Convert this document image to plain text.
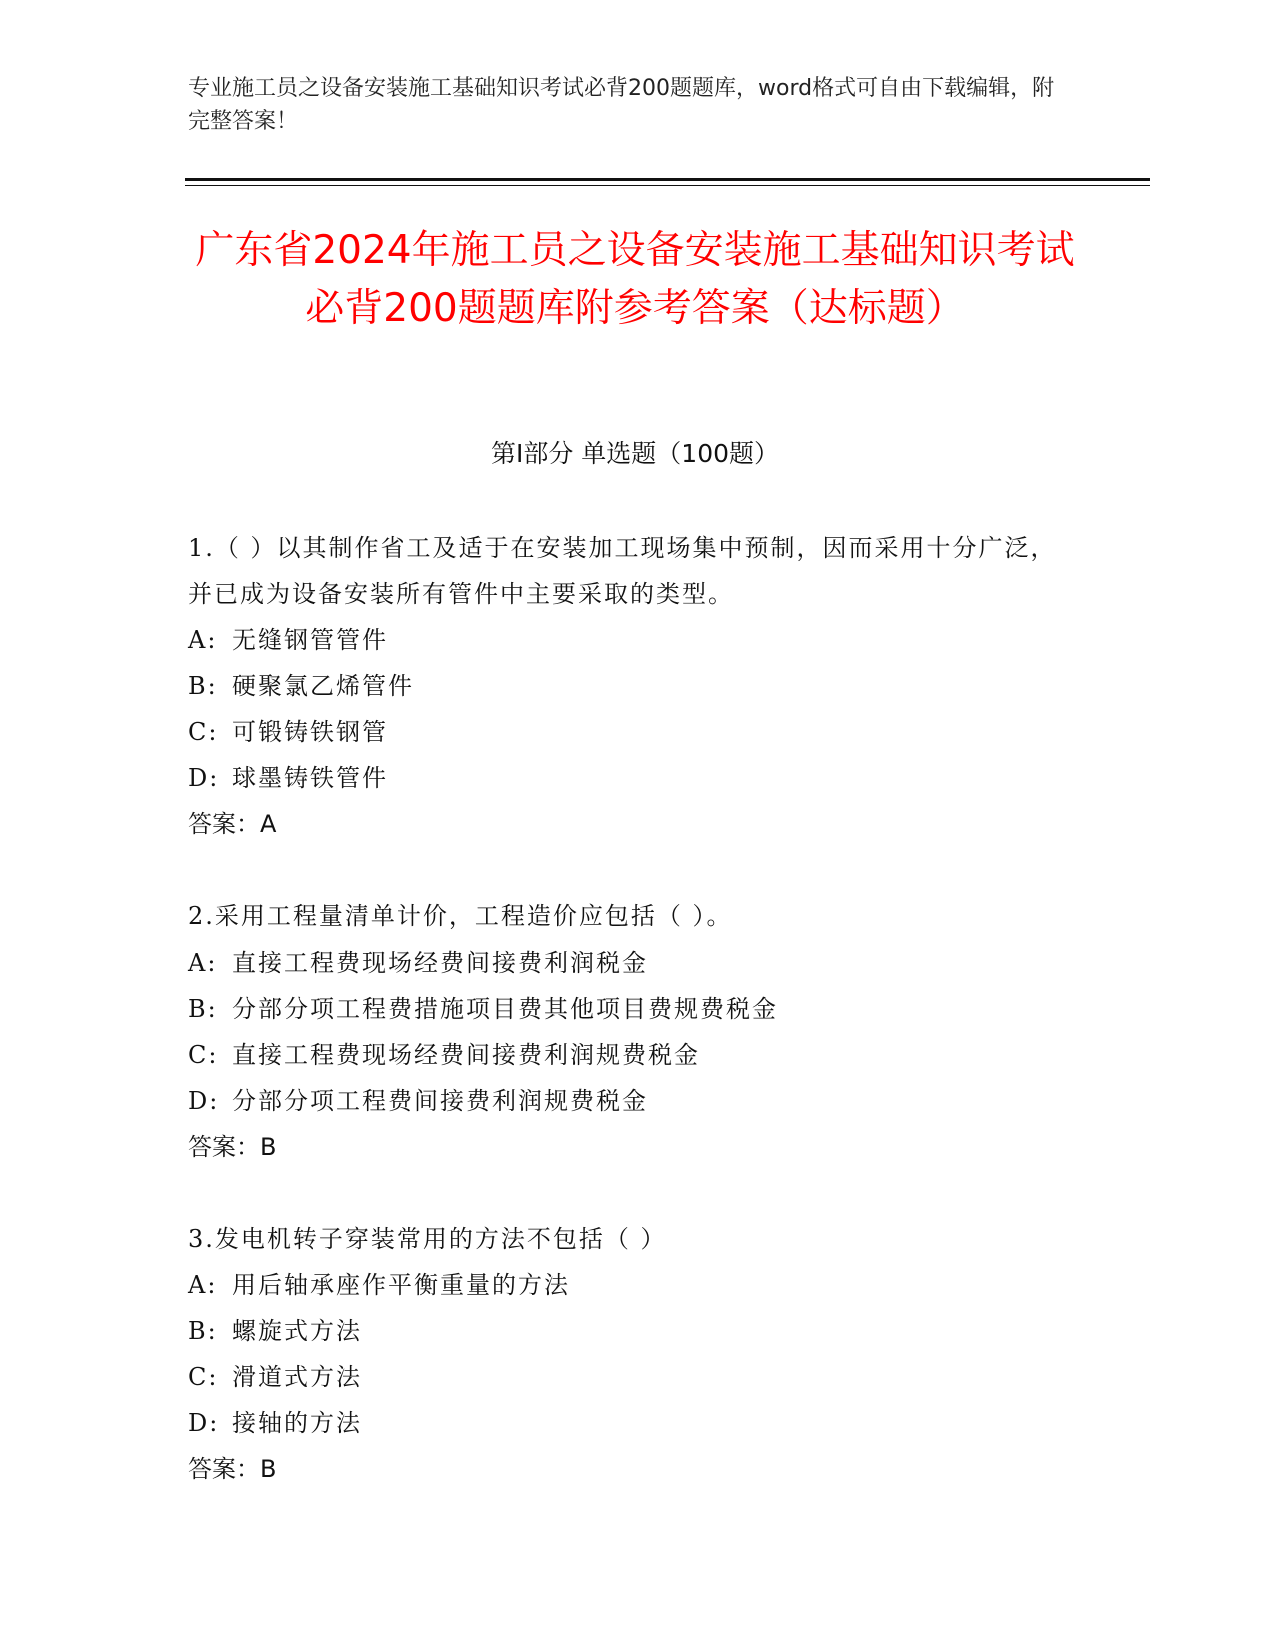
专业施工员之设备安装施工基础知识考试必背200题题库，word格式可自由下载编辑，附完整答案！
广东省2024年施工员之设备安装施工基础知识考试必背200题题库附参考答案（达标题）
第I部分 单选题（100题）

1.（ ）以其制作省工及适于在安装加工现场集中预制，因而采用十分广泛，并已成为设备安装所有管件中主要采取的类型。

A: 无缝钢管管件

B: 硬聚氯乙烯管件

C: 可锻铸铁钢管

D: 球墨铸铁管件

答案：A

2.采用工程量清单计价，工程造价应包括（ ）。

A: 直接工程费现场经费间接费利润税金

B: 分部分项工程费措施项目费其他项目费规费税金

C: 直接工程费现场经费间接费利润规费税金

D: 分部分项工程费间接费利润规费税金

答案：B

3.发电机转子穿装常用的方法不包括（ ）

A: 用后轴承座作平衡重量的方法

B: 螺旋式方法

C: 滑道式方法

D: 接轴的方法

答案：B
